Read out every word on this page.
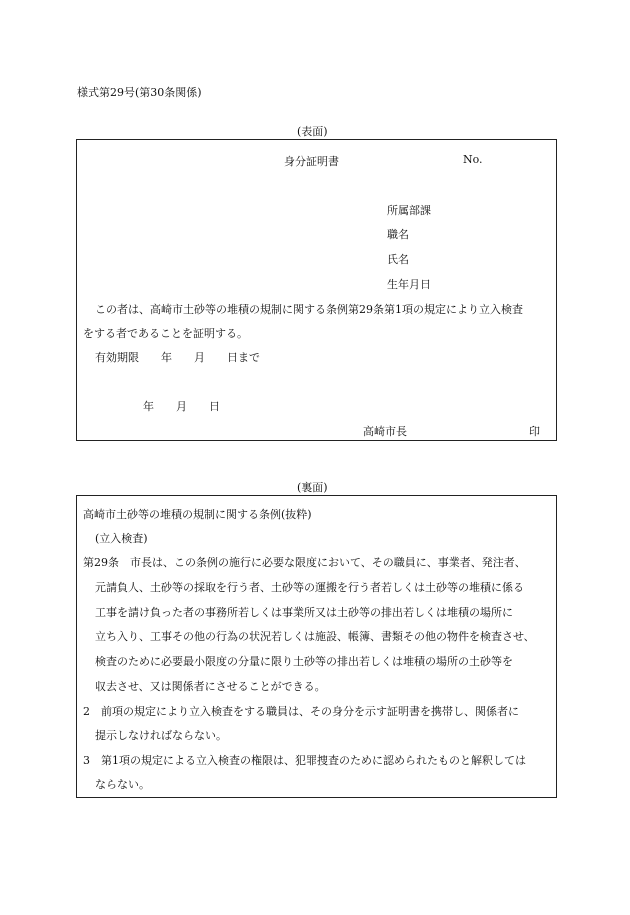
様式第29号(第30条関係)
(表面)
身分証明書	No.
所属部課
職名
氏名
生年月日
この者は、高崎市土砂等の堆積の規制に関する条例第29条第1項の規定により立入検査
をする者であることを証明する。
有効期限　　年　　月　　日まで
年　　月　　日
高崎市長	印
(裏面)
高崎市土砂等の堆積の規制に関する条例(抜粋)
(立入検査)
第29条　市長は、この条例の施行に必要な限度において、その職員に、事業者、発注者、
元請負人、土砂等の採取を行う者、土砂等の運搬を行う者若しくは土砂等の堆積に係る
工事を請け負った者の事務所若しくは事業所又は土砂等の排出若しくは堆積の場所に
立ち入り、工事その他の行為の状況若しくは施設、帳簿、書類その他の物件を検査させ、
検査のために必要最小限度の分量に限り土砂等の排出若しくは堆積の場所の土砂等を
収去させ、又は関係者にさせることができる。
2　前項の規定により立入検査をする職員は、その身分を示す証明書を携帯し、関係者に
提示しなければならない。
3　第1項の規定による立入検査の権限は、犯罪捜査のために認められたものと解釈しては
ならない。
